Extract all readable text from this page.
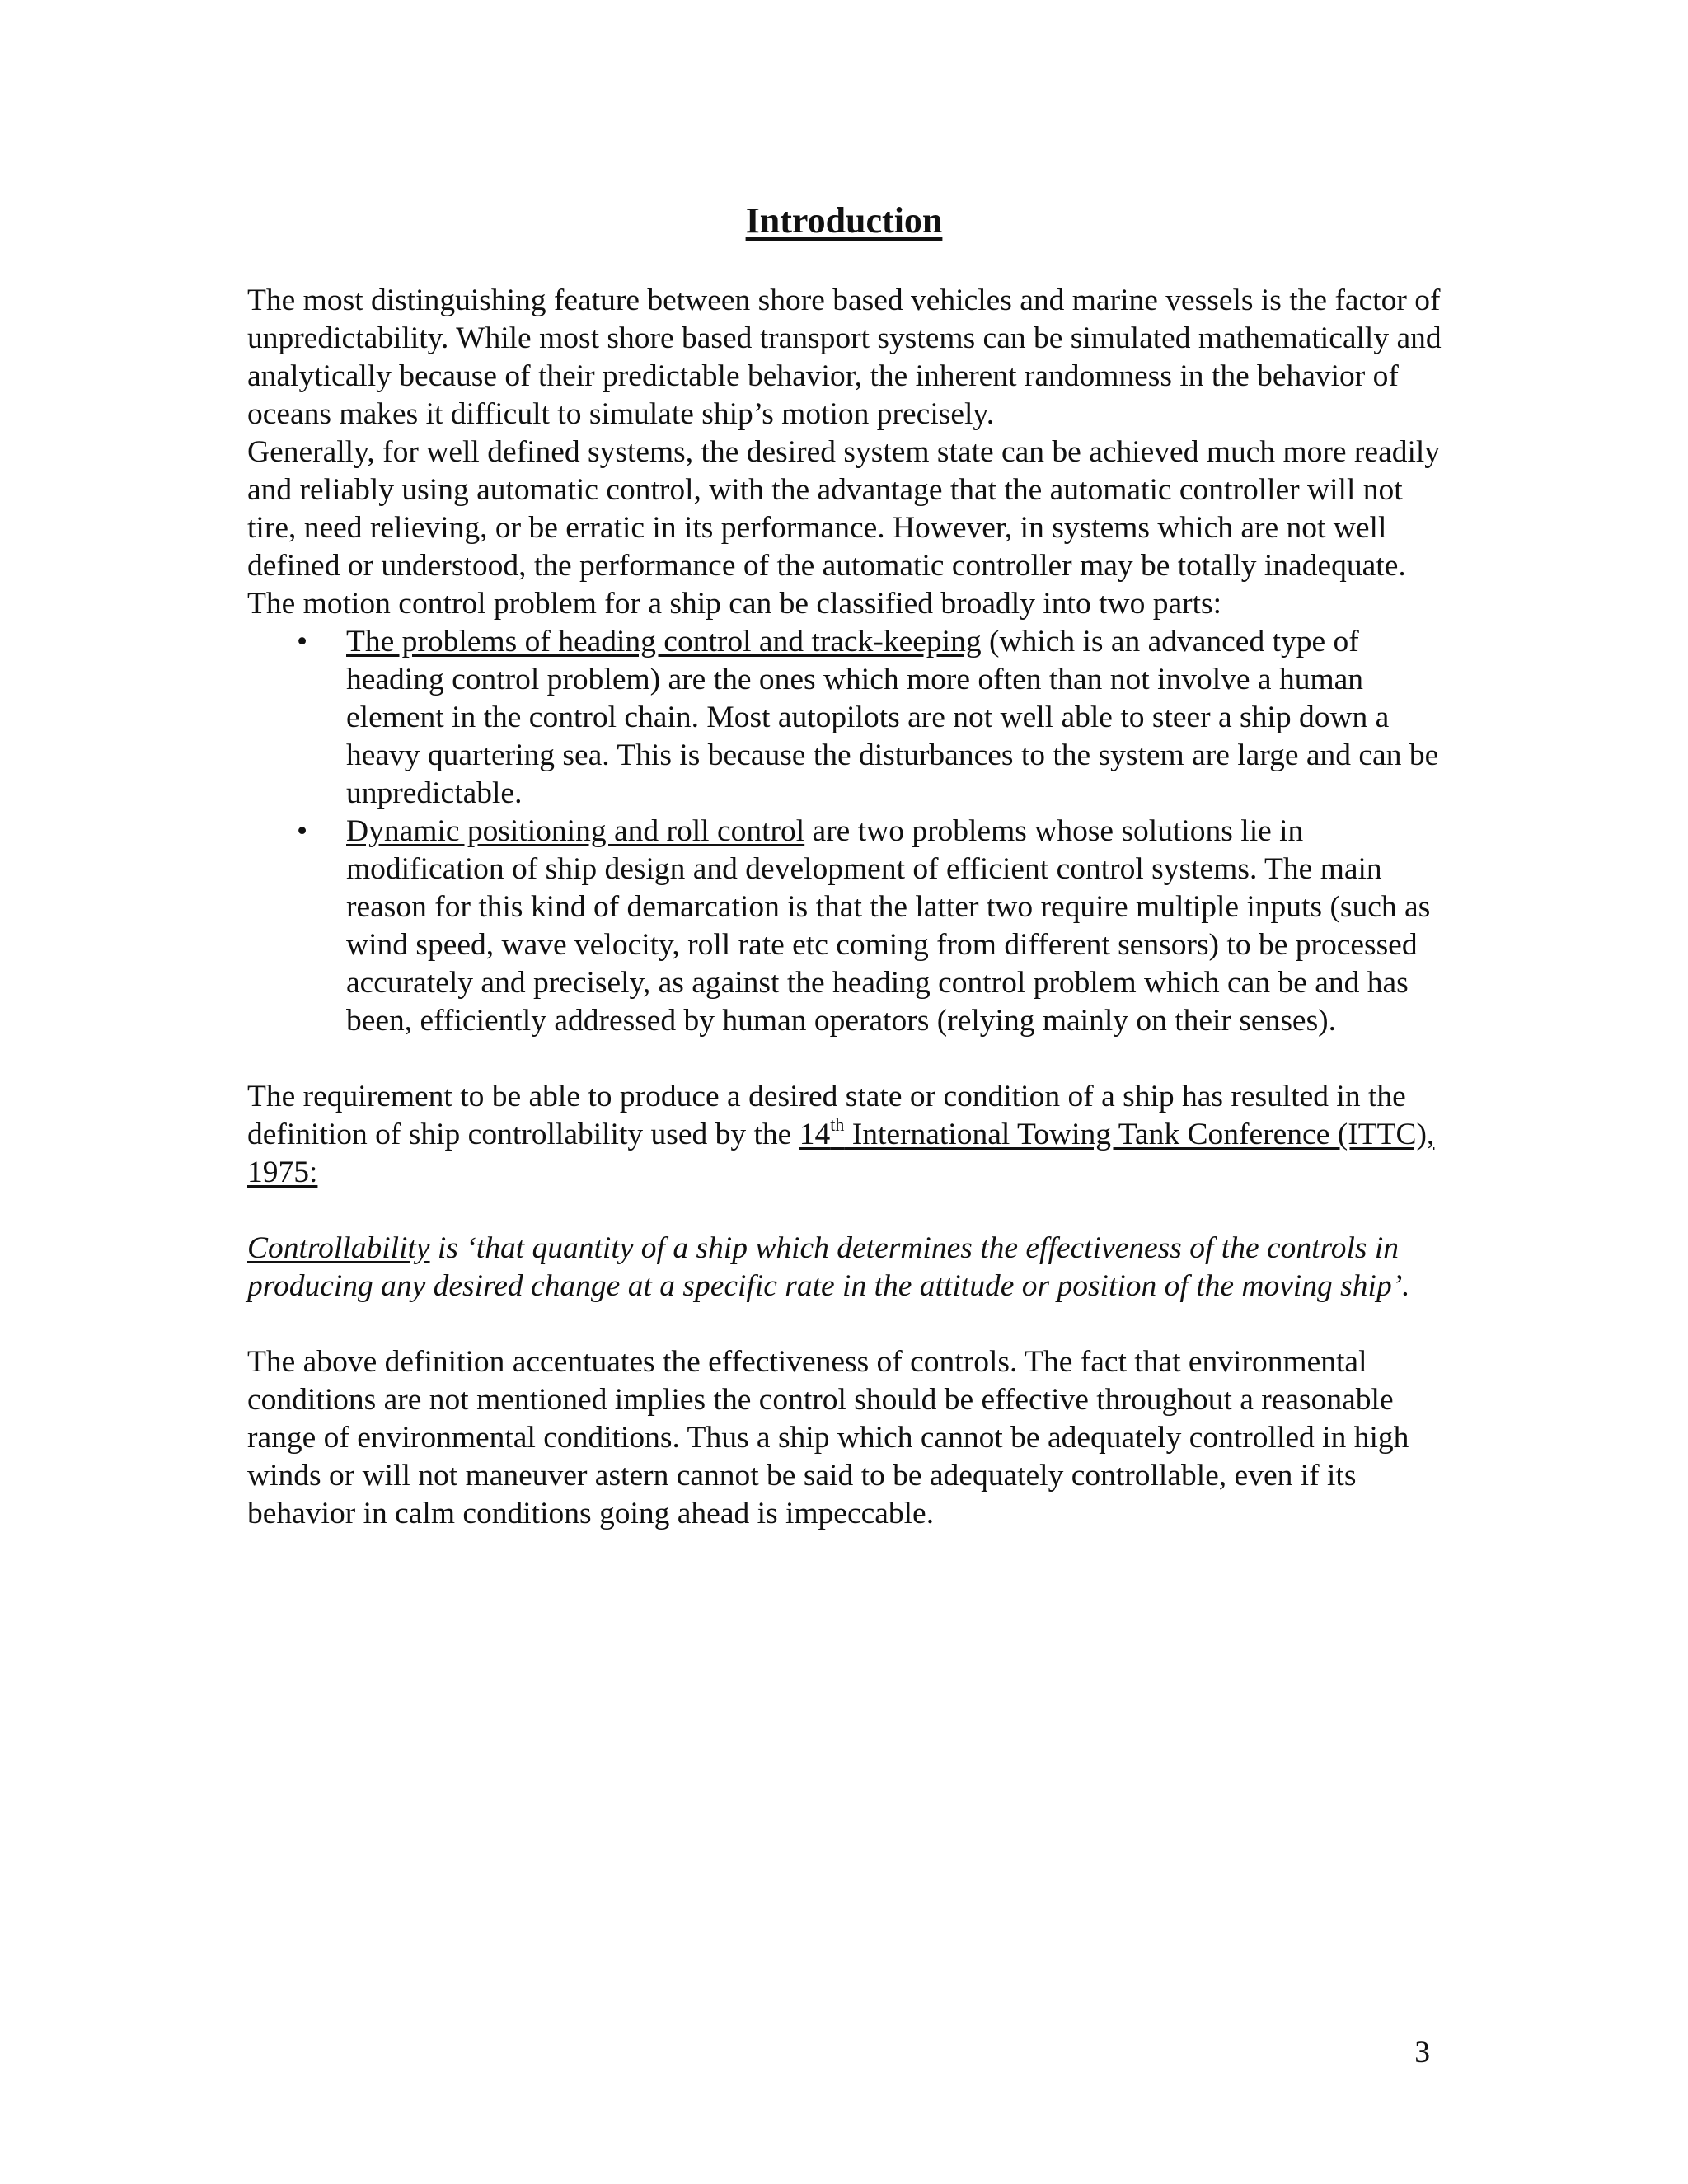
Introduction

The most distinguishing feature between shore based vehicles and marine vessels is the factor of unpredictability. While most shore based transport systems can be simulated mathematically and analytically because of their predictable behavior, the inherent randomness in the behavior of oceans makes it difficult to simulate ship’s motion precisely.

Generally, for well defined systems, the desired system state can be achieved much more readily and reliably using automatic control, with the advantage that the automatic controller will not tire, need relieving, or be erratic in its performance. However, in systems which are not well defined or understood, the performance of the automatic controller may be totally inadequate.

The motion control problem for a ship can be classified broadly into two parts:

• The problems of heading control and track-keeping (which is an advanced type of heading control problem) are the ones which more often than not involve a human element in the control chain. Most autopilots are not well able to steer a ship down a heavy quartering sea. This is because the disturbances to the system are large and can be unpredictable.
• Dynamic positioning and roll control are two problems whose solutions lie in modification of ship design and development of efficient control systems. The main reason for this kind of demarcation is that the latter two require multiple inputs (such as wind speed, wave velocity, roll rate etc coming from different sensors) to be processed accurately and precisely, as against the heading control problem which can be and has been, efficiently addressed by human operators (relying mainly on their senses).

The requirement to be able to produce a desired state or condition of a ship has resulted in the definition of ship controllability used by the 14th International Towing Tank Conference (ITTC), 1975:

Controllability is ‘that quantity of a ship which determines the effectiveness of the controls in producing any desired change at a specific rate in the attitude or position of the moving ship’.

The above definition accentuates the effectiveness of controls. The fact that environmental conditions are not mentioned implies the control should be effective throughout a reasonable range of environmental conditions. Thus a ship which cannot be adequately controlled in high winds or will not maneuver astern cannot be said to be adequately controllable, even if its behavior in calm conditions going ahead is impeccable.

3
